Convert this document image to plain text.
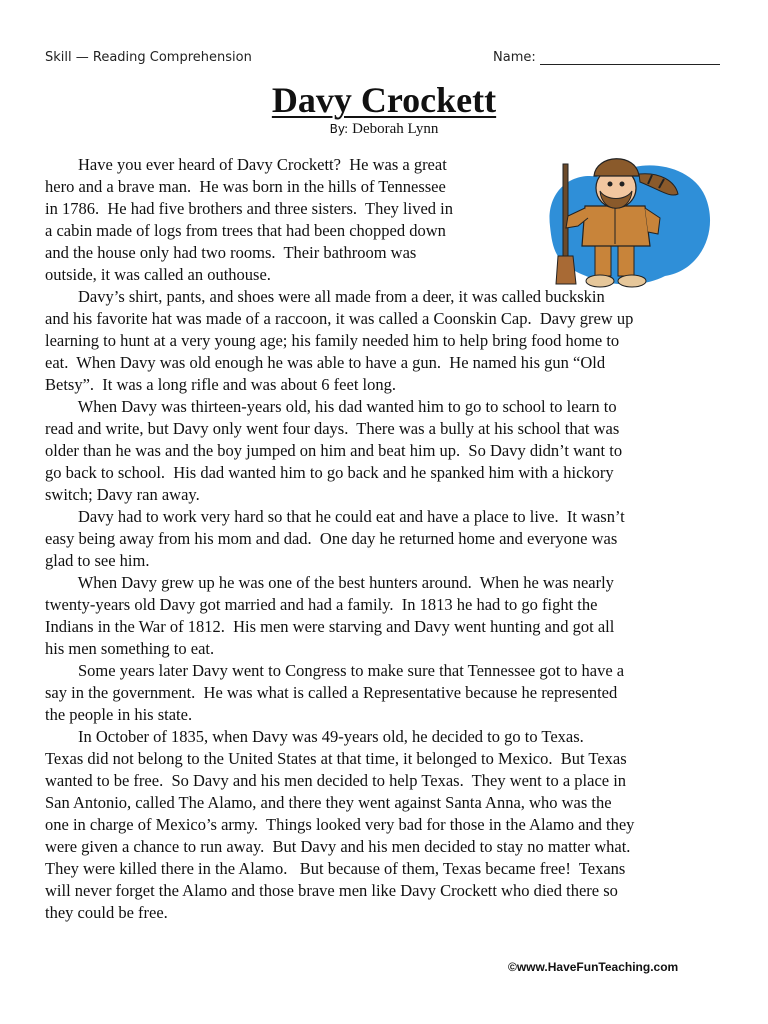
Skill — Reading Comprehension	Name:
Davy Crockett
By: Deborah Lynn
Have you ever heard of Davy Crockett?  He was a great
hero and a brave man.  He was born in the hills of Tennessee
in 1786.  He had five brothers and three sisters.  They lived in
a cabin made of logs from trees that had been chopped down
and the house only had two rooms.  Their bathroom was
outside, it was called an outhouse.
Davy’s shirt, pants, and shoes were all made from a deer, it was called buckskin
and his favorite hat was made of a raccoon, it was called a Coonskin Cap.  Davy grew up
learning to hunt at a very young age; his family needed him to help bring food home to
eat.  When Davy was old enough he was able to have a gun.  He named his gun “Old
Betsy”.  It was a long rifle and was about 6 feet long.
When Davy was thirteen-years old, his dad wanted him to go to school to learn to
read and write, but Davy only went four days.  There was a bully at his school that was
older than he was and the boy jumped on him and beat him up.  So Davy didn’t want to
go back to school.  His dad wanted him to go back and he spanked him with a hickory
switch; Davy ran away.
Davy had to work very hard so that he could eat and have a place to live.  It wasn’t
easy being away from his mom and dad.  One day he returned home and everyone was
glad to see him.
When Davy grew up he was one of the best hunters around.  When he was nearly
twenty-years old Davy got married and had a family.  In 1813 he had to go fight the
Indians in the War of 1812.  His men were starving and Davy went hunting and got all
his men something to eat.
Some years later Davy went to Congress to make sure that Tennessee got to have a
say in the government.  He was what is called a Representative because he represented
the people in his state.
In October of 1835, when Davy was 49-years old, he decided to go to Texas.
Texas did not belong to the United States at that time, it belonged to Mexico.  But Texas
wanted to be free.  So Davy and his men decided to help Texas.  They went to a place in
San Antonio, called The Alamo, and there they went against Santa Anna, who was the
one in charge of Mexico’s army.  Things looked very bad for those in the Alamo and they
were given a chance to run away.  But Davy and his men decided to stay no matter what.
They were killed there in the Alamo.   But because of them, Texas became free!  Texans
will never forget the Alamo and those brave men like Davy Crockett who died there so
they could be free.
©www.HaveFunTeaching.com
